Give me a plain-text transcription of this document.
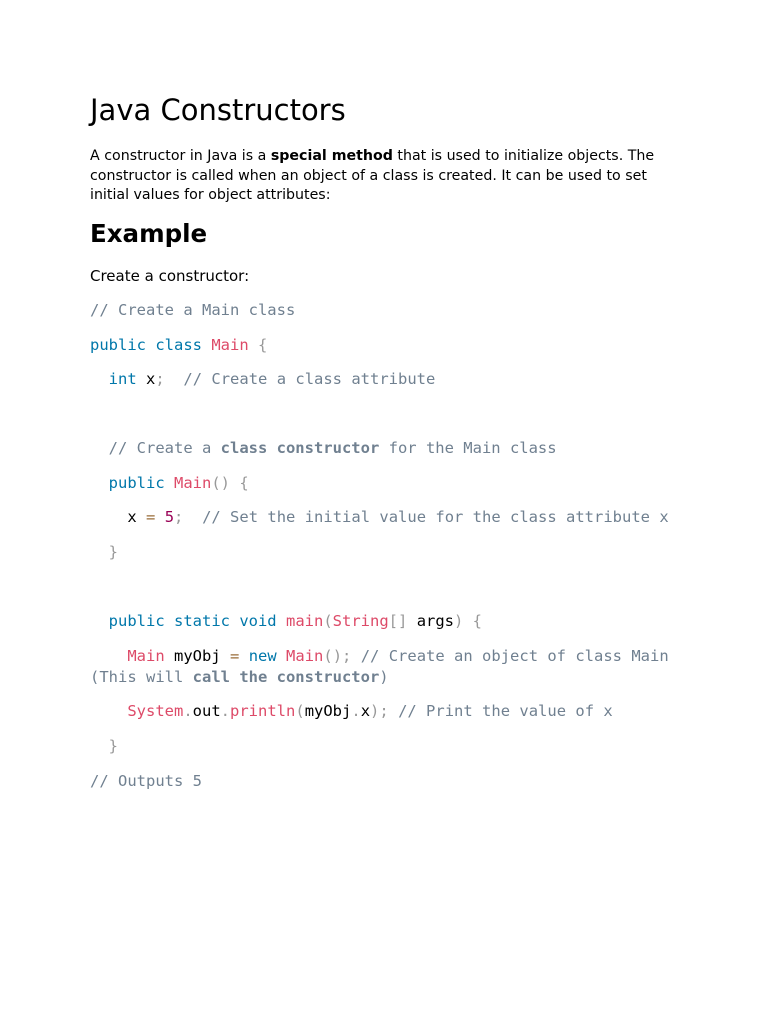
Java Constructors

A constructor in Java is a special method that is used to initialize objects. The constructor is called when an object of a class is created. It can be used to set initial values for object attributes:

Example

Create a constructor:

// Create a Main class
public class Main {
int x; // Create a class attribute
// Create a class constructor for the Main class
public Main() {
x = 5; // Set the initial value for the class attribute x
}
public static void main(String[] args) {
Main myObj = new Main(); // Create an object of class Main
(This will call the constructor)
System.out.println(myObj.x); // Print the value of x
}
// Outputs 5
